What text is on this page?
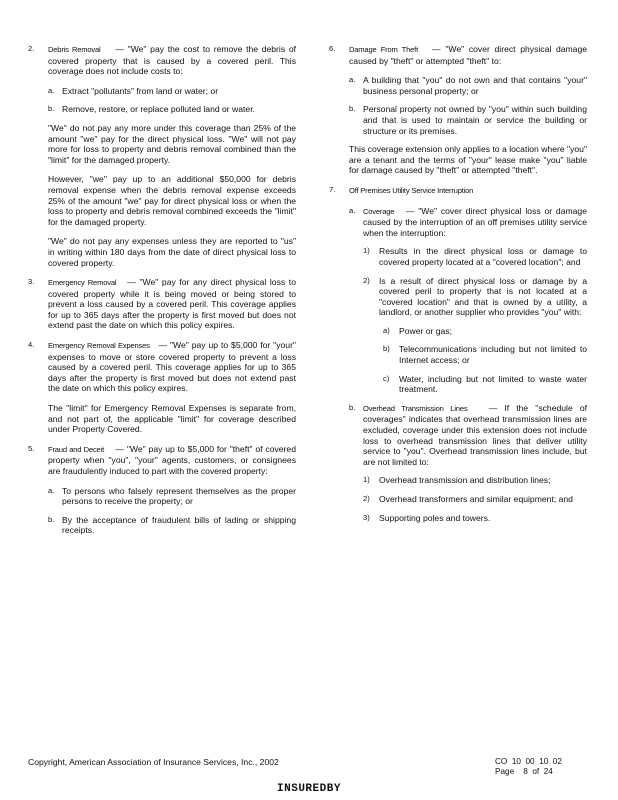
2. Debris Removal — "We" pay the cost to remove the debris of covered property that is caused by a covered peril. This coverage does not include costs to:
a. Extract "pollutants" from land or water; or
b. Remove, restore, or replace polluted land or water.
"We" do not pay any more under this coverage than 25% of the amount "we" pay for the direct physical loss. "We" will not pay more for loss to property and debris removal combined than the "limit" for the damaged property.
However, "we" pay up to an additional $50,000 for debris removal expense when the debris removal expense exceeds 25% of the amount "we" pay for direct physical loss or when the loss to property and debris removal combined exceeds the "limit" for the damaged property.
"We" do not pay any expenses unless they are reported to "us" in writing within 180 days from the date of direct physical loss to covered property.
3. Emergency Removal — "We" pay for any direct physical loss to covered property while it is being moved or being stored to prevent a loss caused by a covered peril. This coverage applies for up to 365 days after the property is first moved but does not extend past the date on which this policy expires.
4. Emergency Removal Expenses — "We" pay up to $5,000 for "your" expenses to move or store covered property to prevent a loss caused by a covered peril. This coverage applies for up to 365 days after the property is first moved but does not extend past the date on which this policy expires.
The "limit" for Emergency Removal Expenses is separate from, and not part of, the applicable "limit" for coverage described under Property Covered.
5. Fraud and Deceit — "We" pay up to $5,000 for "theft" of covered property when "you", "your" agents, customers, or consignees are fraudulently induced to part with the covered property:
a. To persons who falsely represent themselves as the proper persons to receive the property; or
b. By the acceptance of fraudulent bills of lading or shipping receipts.
6. Damage From Theft — "We" cover direct physical damage caused by "theft" or attempted "theft" to:
a. A building that "you" do not own and that contains "your" business personal property; or
b. Personal property not owned by "you" within such building and that is used to maintain or service the building or structure or its premises.
This coverage extension only applies to a location where "you" are a tenant and the terms of "your" lease make "you" liable for damage caused by "theft" or attempted "theft".
7. Off Premises Utility Service Interruption
a. Coverage — "We" cover direct physical loss or damage caused by the interruption of an off premises utility service when the interruption:
1) Results in the direct physical loss or damage to covered property located at a "covered location"; and
2) Is a result of direct physical loss or damage by a covered peril to property that is not located at a "covered location" and that is owned by a utility, a landlord, or another supplier who provides "you" with:
a) Power or gas;
b) Telecommunications including but not limited to Internet access; or
c) Water, including but not limited to waste water treatment.
b. Overhead Transmission Lines — If the "schedule of coverages" indicates that overhead transmission lines are excluded, coverage under this extension does not include loss to overhead transmission lines that deliver utility service to "you". Overhead transmission lines include, but are not limited to:
1) Overhead transmission and distribution lines;
2) Overhead transformers and similar equipment; and
3) Supporting poles and towers.
Copyright, American Association of Insurance Services, Inc., 2002	CO  10  00  10  02
Page    8  of  24
INSUREDBY
